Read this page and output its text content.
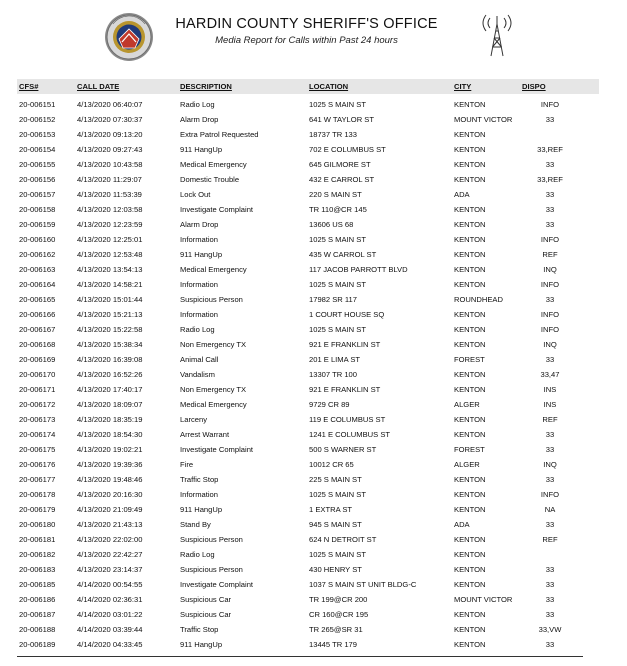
HARDIN COUNTY SHERIFF'S OFFICE
Media Report for Calls within Past 24 hours
CFS#	CALL DATE	DESCRIPTION	LOCATION	CITY	DISPO
20-006151	4/13/2020 06:40:07	Radio Log	1025 S MAIN ST	KENTON	INFO
20-006152	4/13/2020 07:30:37	Alarm Drop	641 W TAYLOR ST	MOUNT VICTOR	33
20-006153	4/13/2020 09:13:20	Extra Patrol Requested	18737 TR 133	KENTON
20-006154	4/13/2020 09:27:43	911 HangUp	702 E COLUMBUS ST	KENTON	33,REF
20-006155	4/13/2020 10:43:58	Medical Emergency	645 GILMORE ST	KENTON	33
20-006156	4/13/2020 11:29:07	Domestic Trouble	432 E CARROL ST	KENTON	33,REF
20-006157	4/13/2020 11:53:39	Lock Out	220 S MAIN ST	ADA	33
20-006158	4/13/2020 12:03:58	Investigate Complaint	TR 110@CR 145	KENTON	33
20-006159	4/13/2020 12:23:59	Alarm Drop	13606 US 68	KENTON	33
20-006160	4/13/2020 12:25:01	Information	1025 S MAIN ST	KENTON	INFO
20-006162	4/13/2020 12:53:48	911 HangUp	435 W CARROL ST	KENTON	REF
20-006163	4/13/2020 13:54:13	Medical Emergency	117 JACOB PARROTT BLVD	KENTON	INQ
20-006164	4/13/2020 14:58:21	Information	1025 S MAIN ST	KENTON	INFO
20-006165	4/13/2020 15:01:44	Suspicious Person	17982 SR 117	ROUNDHEAD	33
20-006166	4/13/2020 15:21:13	Information	1 COURT HOUSE SQ	KENTON	INFO
20-006167	4/13/2020 15:22:58	Radio Log	1025 S MAIN ST	KENTON	INFO
20-006168	4/13/2020 15:38:34	Non Emergency TX	921 E FRANKLIN ST	KENTON	INQ
20-006169	4/13/2020 16:39:08	Animal Call	201 E LIMA ST	FOREST	33
20-006170	4/13/2020 16:52:26	Vandalism	13307 TR 100	KENTON	33,47
20-006171	4/13/2020 17:40:17	Non Emergency TX	921 E FRANKLIN ST	KENTON	INS
20-006172	4/13/2020 18:09:07	Medical Emergency	9729 CR 89	ALGER	INS
20-006173	4/13/2020 18:35:19	Larceny	119 E COLUMBUS ST	KENTON	REF
20-006174	4/13/2020 18:54:30	Arrest Warrant	1241 E COLUMBUS ST	KENTON	33
20-006175	4/13/2020 19:02:21	Investigate Complaint	500 S WARNER ST	FOREST	33
20-006176	4/13/2020 19:39:36	Fire	10012 CR 65	ALGER	INQ
20-006177	4/13/2020 19:48:46	Traffic Stop	225 S MAIN ST	KENTON	33
20-006178	4/13/2020 20:16:30	Information	1025 S MAIN ST	KENTON	INFO
20-006179	4/13/2020 21:09:49	911 HangUp	1 EXTRA ST	KENTON	NA
20-006180	4/13/2020 21:43:13	Stand By	945 S MAIN ST	ADA	33
20-006181	4/13/2020 22:02:00	Suspicious Person	624 N DETROIT ST	KENTON	REF
20-006182	4/13/2020 22:42:27	Radio Log	1025 S MAIN ST	KENTON
20-006183	4/13/2020 23:14:37	Suspicious Person	430 HENRY ST	KENTON	33
20-006185	4/14/2020 00:54:55	Investigate Complaint	1037 S MAIN ST UNIT BLDG-C	KENTON	33
20-006186	4/14/2020 02:36:31	Suspicious Car	TR 199@CR 200	MOUNT VICTOR	33
20-006187	4/14/2020 03:01:22	Suspicious Car	CR 160@CR 195	KENTON	33
20-006188	4/14/2020 03:39:44	Traffic Stop	TR 265@SR 31	KENTON	33,VW
20-006189	4/14/2020 04:33:45	911 HangUp	13445 TR 179	KENTON	33
